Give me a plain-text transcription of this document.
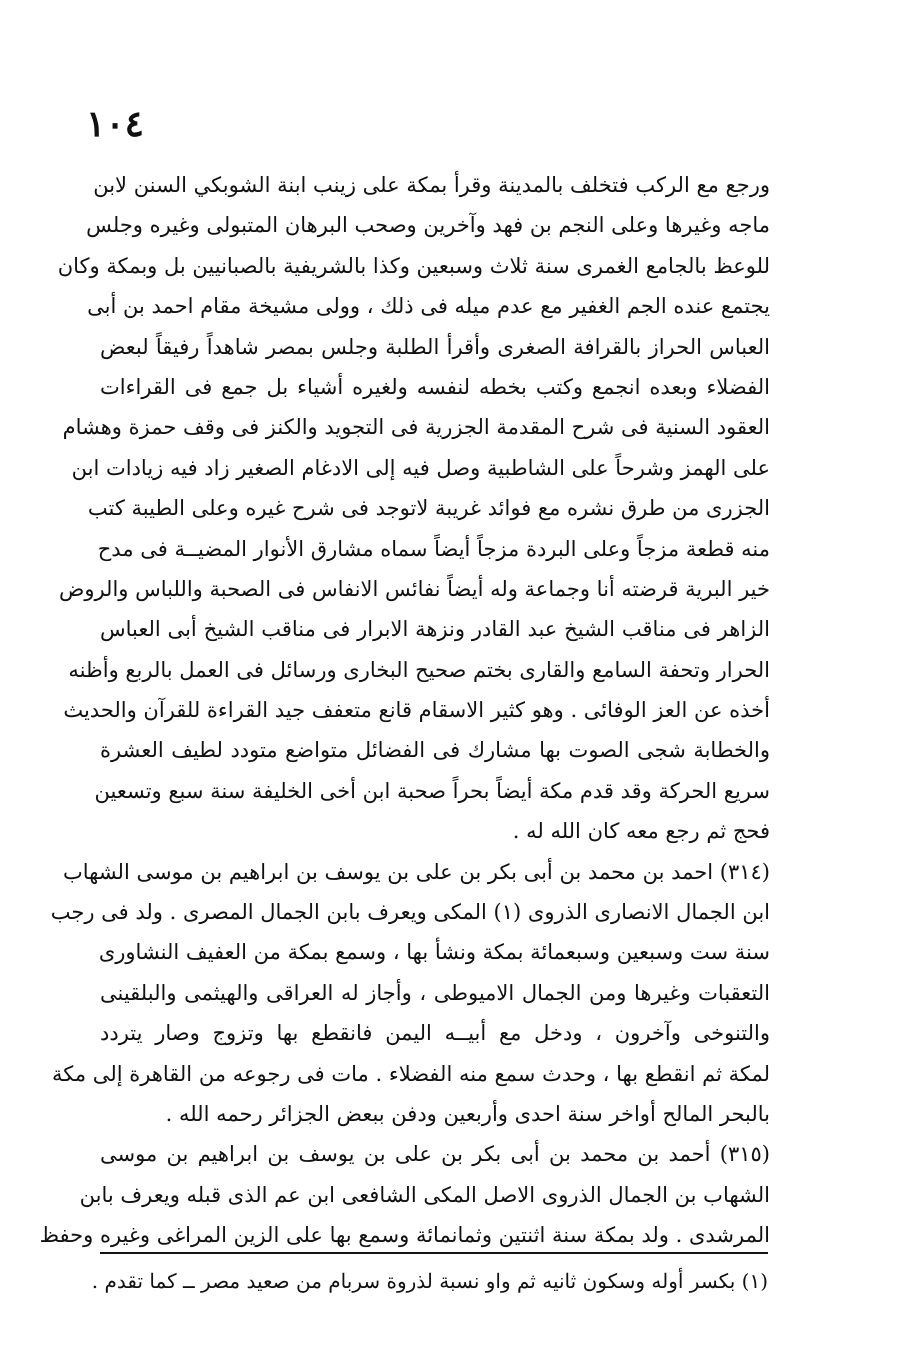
١٠٤
ورجع مع الركب فتخلف بالمدينة وقرأ بمكة على زينب ابنة الشوبكي السنن لابن
ماجه وغيرها وعلى النجم بن فهد وآخرين وصحب البرهان المتبولى وغيره وجلس
للوعظ بالجامع الغمرى سنة ثلاث وسبعين وكذا بالشريفية بالصبانيين بل وبمكة وكان
يجتمع عنده الجم الغفير مع عدم ميله فى ذلك ، وولى مشيخة مقام احمد بن أبى
العباس الحراز بالقرافة الصغرى وأقرأ الطلبة وجلس بمصر شاهداً رفيقاً لبعض
الفضلاء وبعده انجمع وكتب بخطه لنفسه ولغيره أشياء بل جمع فى القراءات
العقود السنية فى شرح المقدمة الجزرية فى التجويد والكنز فى وقف حمزة وهشام
على الهمز وشرحاً على الشاطبية وصل فيه إلى الادغام الصغير زاد فيه زيادات ابن
الجزرى من طرق نشره مع فوائد غريبة لاتوجد فى شرح غيره وعلى الطيبة كتب
منه قطعة مزجاً وعلى البردة مزجاً أيضاً سماه مشارق الأنوار المضيــة فى مدح
خير البرية قرضته أنا وجماعة وله أيضاً نفائس الانفاس فى الصحبة واللباس والروض
الزاهر فى مناقب الشيخ عبد القادر ونزهة الابرار فى مناقب الشيخ أبى العباس
الحرار وتحفة السامع والقارى بختم صحيح البخارى ورسائل فى العمل بالربع وأظنه
أخذه عن العز الوفائى . وهو كثير الاسقام قانع متعفف جيد القراءة للقرآن والحديث
والخطابة شجى الصوت بها مشارك فى الفضائل متواضع متودد لطيف العشرة
سريع الحركة وقد قدم مكة أيضاً بحراً صحبة ابن أخى الخليفة سنة سبع وتسعين
فحج ثم رجع معه كان الله له .
(٣١٤) احمد بن محمد بن أبى بكر بن على بن يوسف بن ابراهيم بن موسى الشهاب
ابن الجمال الانصارى الذروى (١) المكى ويعرف بابن الجمال المصرى . ولد فى رجب
سنة ست وسبعين وسبعمائة بمكة ونشأ بها ، وسمع بمكة من العفيف النشاورى
التعقبات وغيرها ومن الجمال الاميوطى ، وأجاز له العراقى والهيثمى والبلقينى
والتنوخى وآخرون ، ودخل مع أبيــه اليمن فانقطع بها وتزوج وصار يتردد
لمكة ثم انقطع بها ، وحدث سمع منه الفضلاء . مات فى رجوعه من القاهرة إلى مكة
بالبحر المالح أواخر سنة احدى وأربعين ودفن ببعض الجزائر رحمه الله .
(٣١٥) أحمد بن محمد بن أبى بكر بن على بن يوسف بن ابراهيم بن موسى
الشهاب بن الجمال الذروى الاصل المكى الشافعى ابن عم الذى قبله ويعرف بابن
المرشدى . ولد بمكة سنة اثنتين وثمانمائة وسمع بها على الزين المراغى وغيره وحفظ
(١) بكسر أوله وسكون ثانيه ثم واو نسبة لذروة سربام من صعيد مصر ــ كما تقدم .
